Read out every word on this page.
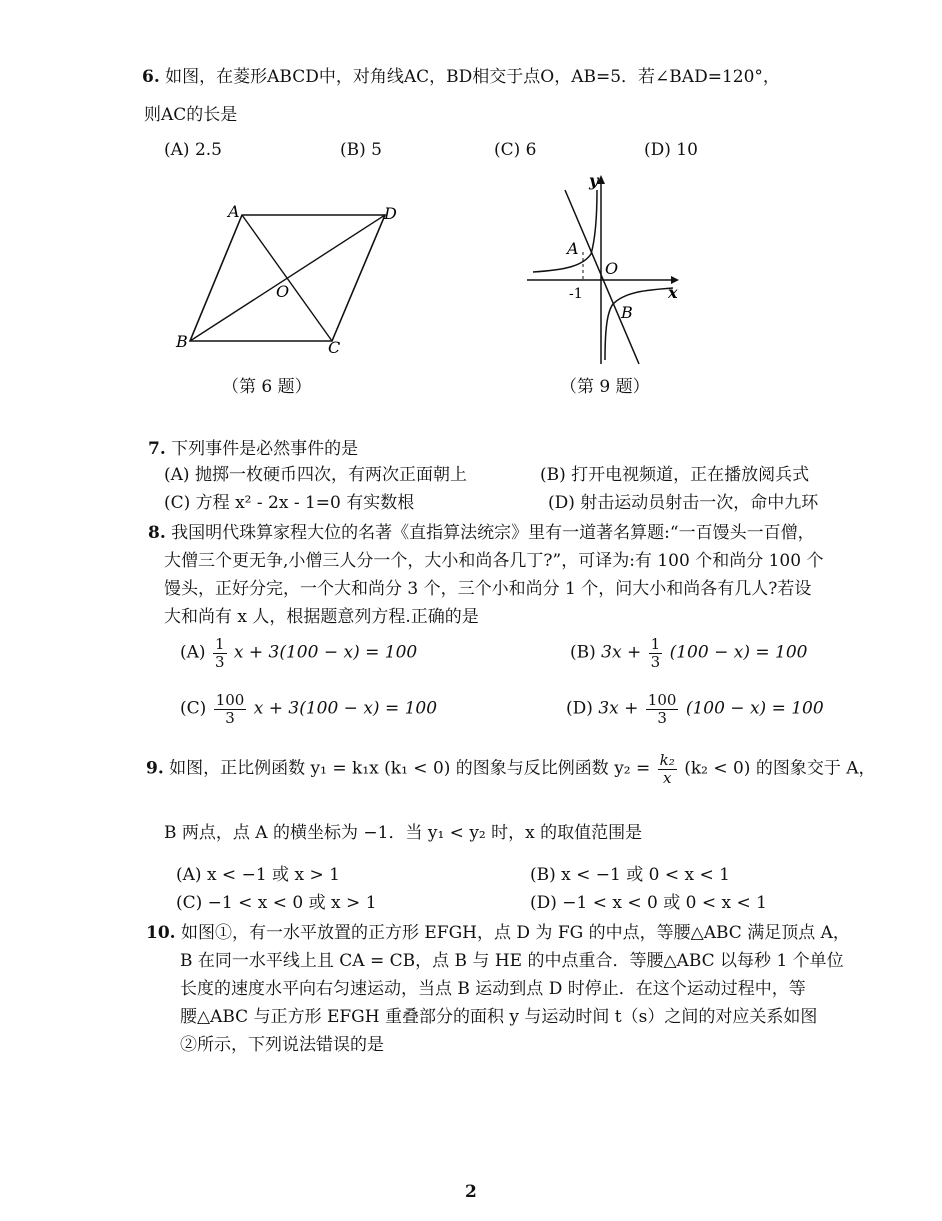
6. 如图，在菱形ABCD中，对角线AC，BD相交于点O，AB=5．若∠BAD=120°，
则AC的长是
(A) 2.5	(B) 5	(C) 6	(D) 10
A	D
B	C
O
（第 6 题）
y
x
O
A
B
-1
（第 9 题）
7. 下列事件是必然事件的是
(A) 抛掷一枚硬币四次，有两次正面朝上	(B) 打开电视频道，正在播放阅兵式
(C) 方程 x² - 2x - 1=0 有实数根	(D) 射击运动员射击一次，命中九环
8. 我国明代珠算家程大位的名著《直指算法统宗》里有一道著名算题:“一百馒头一百僧，
大僧三个更无争,小僧三人分一个，大小和尚各几丁?”，可译为:有 100 个和尚分 100 个
馒头，正好分完，一个大和尚分 3 个，三个小和尚分 1 个，问大小和尚各有几人?若设
大和尚有 x 人，根据题意列方程.正确的是
$(A) \frac{1}{3}$ x + 3(100 − x) = 100	(B) $3x + \frac{1}{3} (100 - x) = 100$
$(C) \frac{100}{3}$ x + 3(100 − x) = 100	(D) $3x + \frac{100}{3} (100 - x) = 100$
9. 如图，正比例函数 y₁ = k₁x (k₁ < 0) 的图象与反比例函数 $y_2 = \frac{\text{k₂}}{x} (k_2 < 0)$ 的图象交于 A，
B 两点，点 A 的横坐标为 −1．当 y₁ < y₂ 时，x 的取值范围是
(A) x < −1 或 x > 1	(B) x < −1 或 0 < x < 1
(C) −1 < x < 0 或 x > 1	(D) −1 < x < 0 或 0 < x < 1
10. 如图①，有一水平放置的正方形 EFGH，点 D 为 FG 的中点，等腰△ABC 满足顶点 A，
B 在同一水平线上且 CA = CB，点 B 与 HE 的中点重合．等腰△ABC 以每秒 1 个单位
长度的速度水平向右匀速运动，当点 B 运动到点 D 时停止．在这个运动过程中，等
腰△ABC 与正方形 EFGH 重叠部分的面积 y 与运动时间 t（s）之间的对应关系如图
②所示，下列说法错误的是
2
